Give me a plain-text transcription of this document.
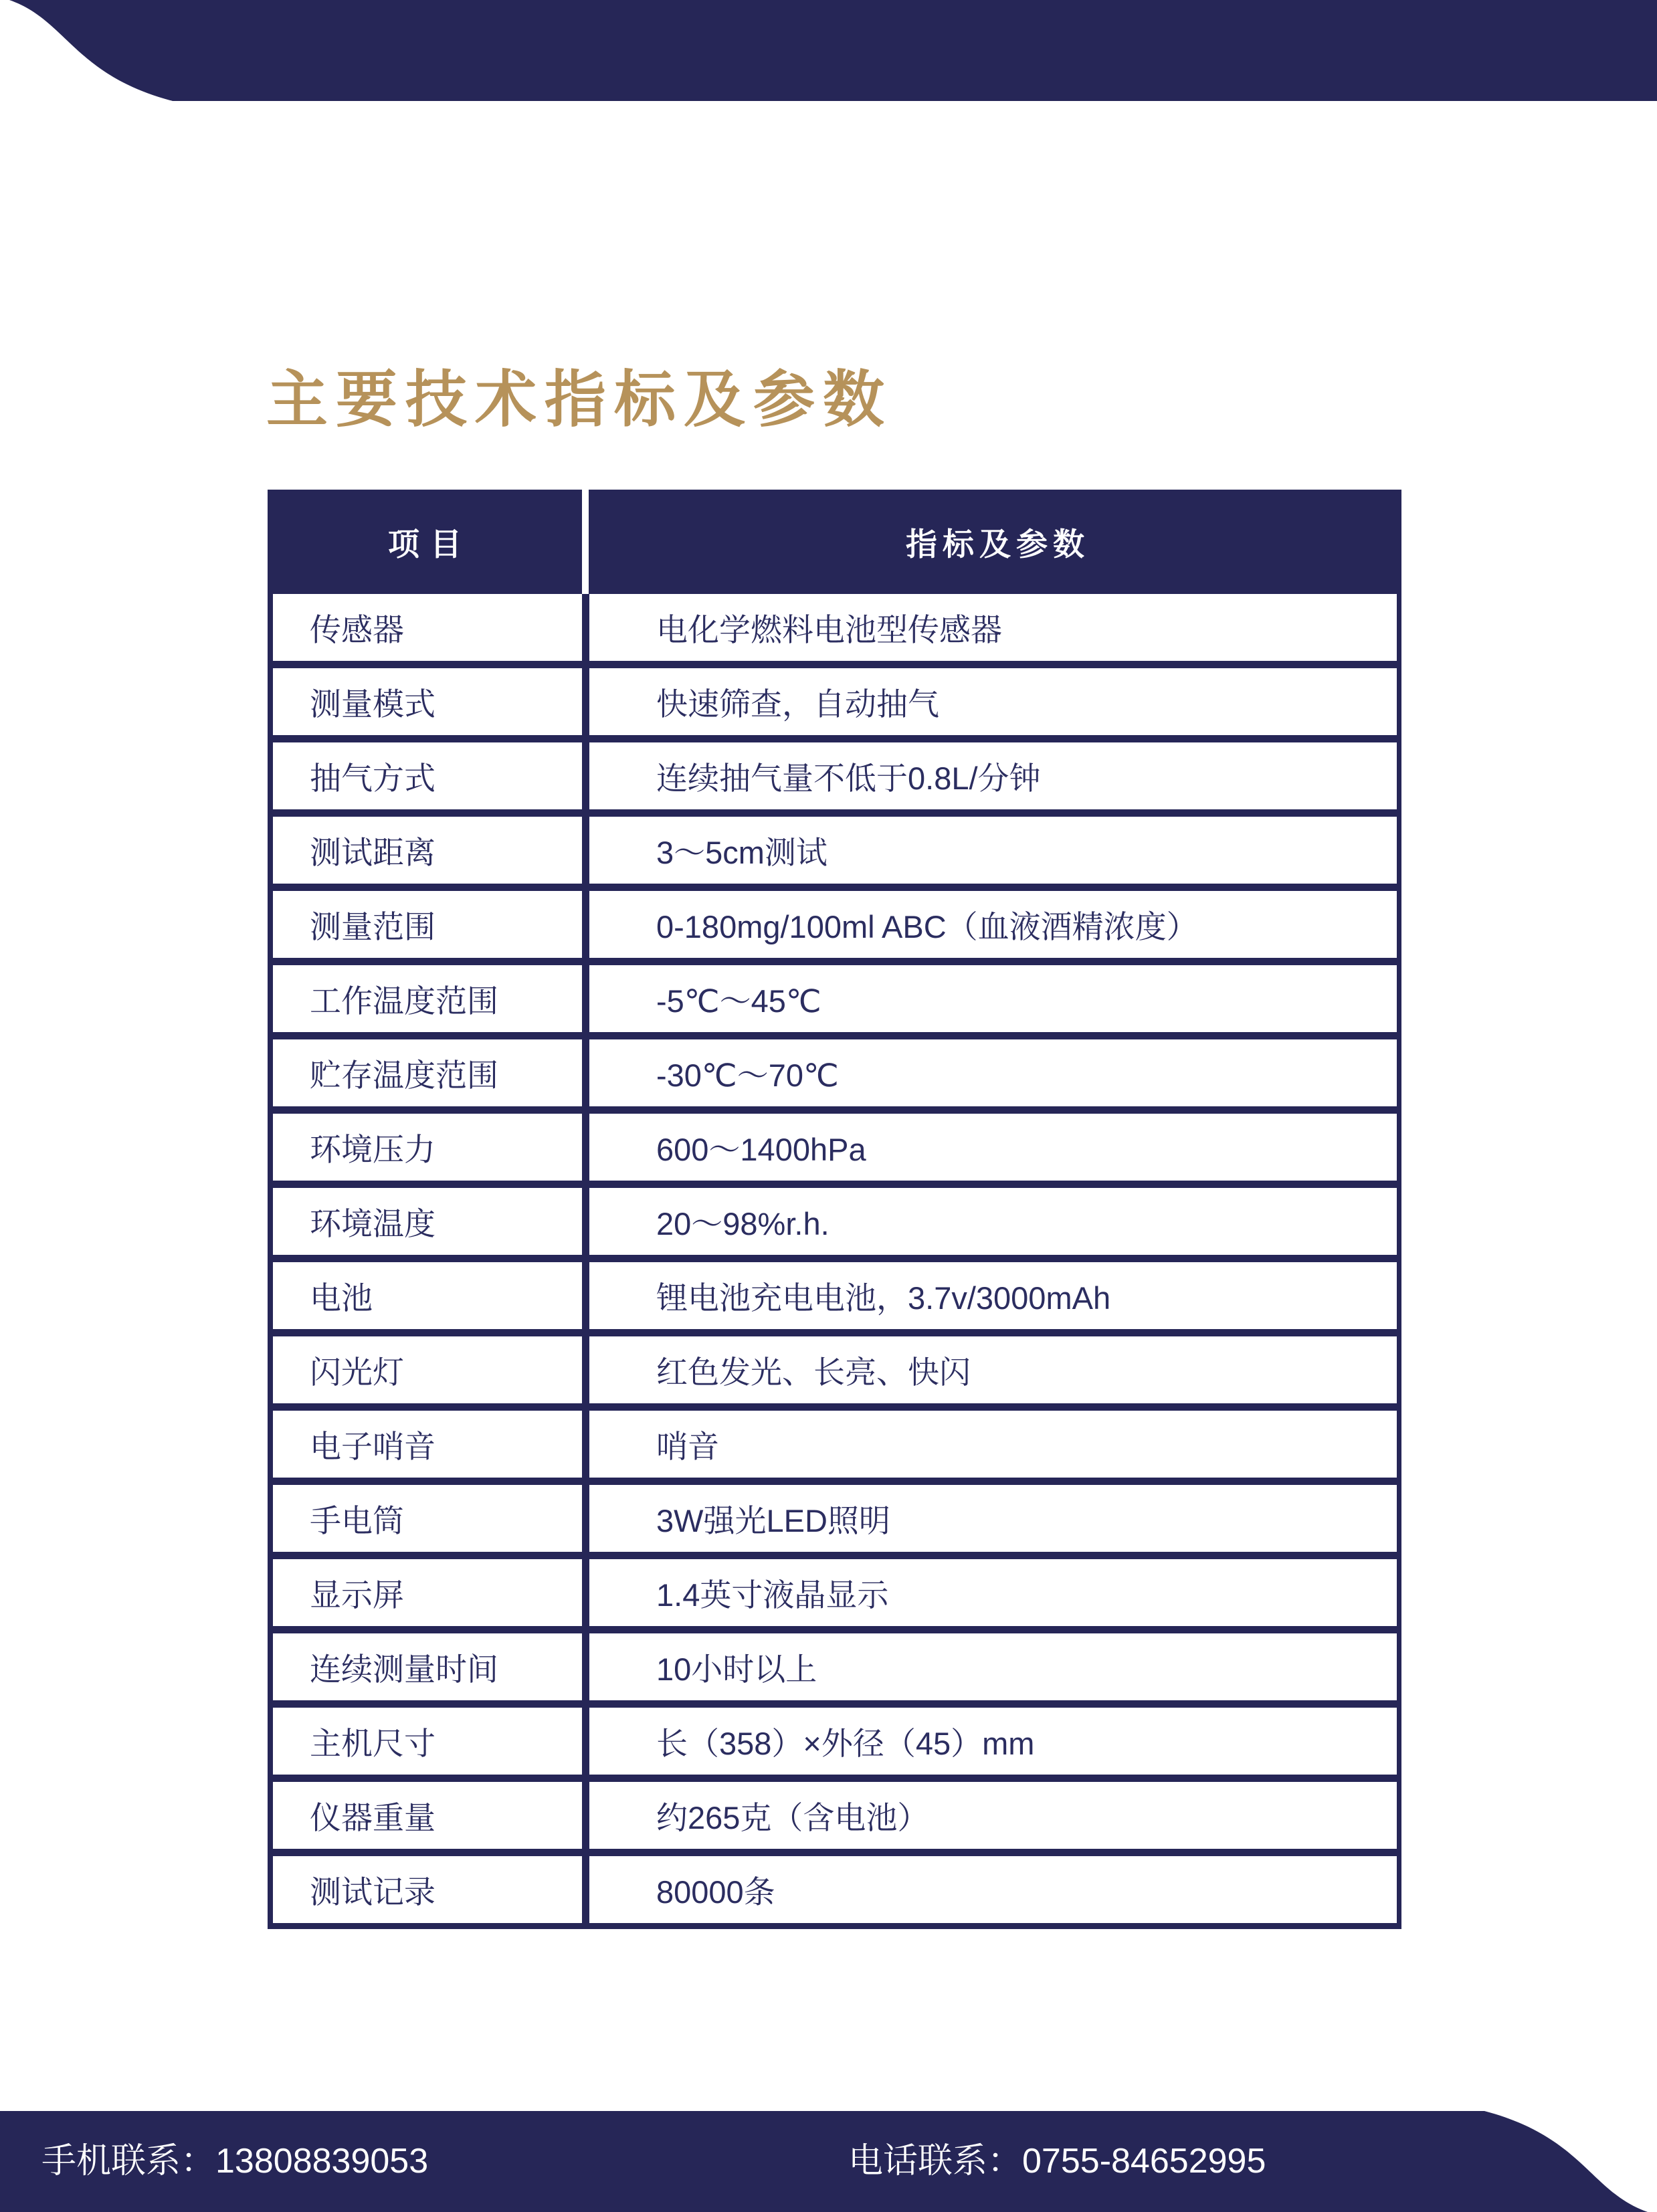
主要技术指标及参数
项目	指标及参数
传感器	电化学燃料电池型传感器
测量模式	快速筛查，自动抽气
抽气方式	连续抽气量不低于0.8L/分钟
测试距离	3～5cm测试
测量范围	0-180mg/100ml ABC（血液酒精浓度）
工作温度范围	-5℃～45℃
贮存温度范围	-30℃～70℃
环境压力	600～1400hPa
环境温度	20～98%r.h.
电池	锂电池充电电池，3.7v/3000mAh
闪光灯	红色发光、长亮、快闪
电子哨音	哨音
手电筒	3W强光LED照明
显示屏	1.4英寸液晶显示
连续测量时间	10小时以上
主机尺寸	长（358）×外径（45）mm
仪器重量	约265克（含电池）
测试记录	80000条
手机联系：13808839053	电话联系：0755-84652995
